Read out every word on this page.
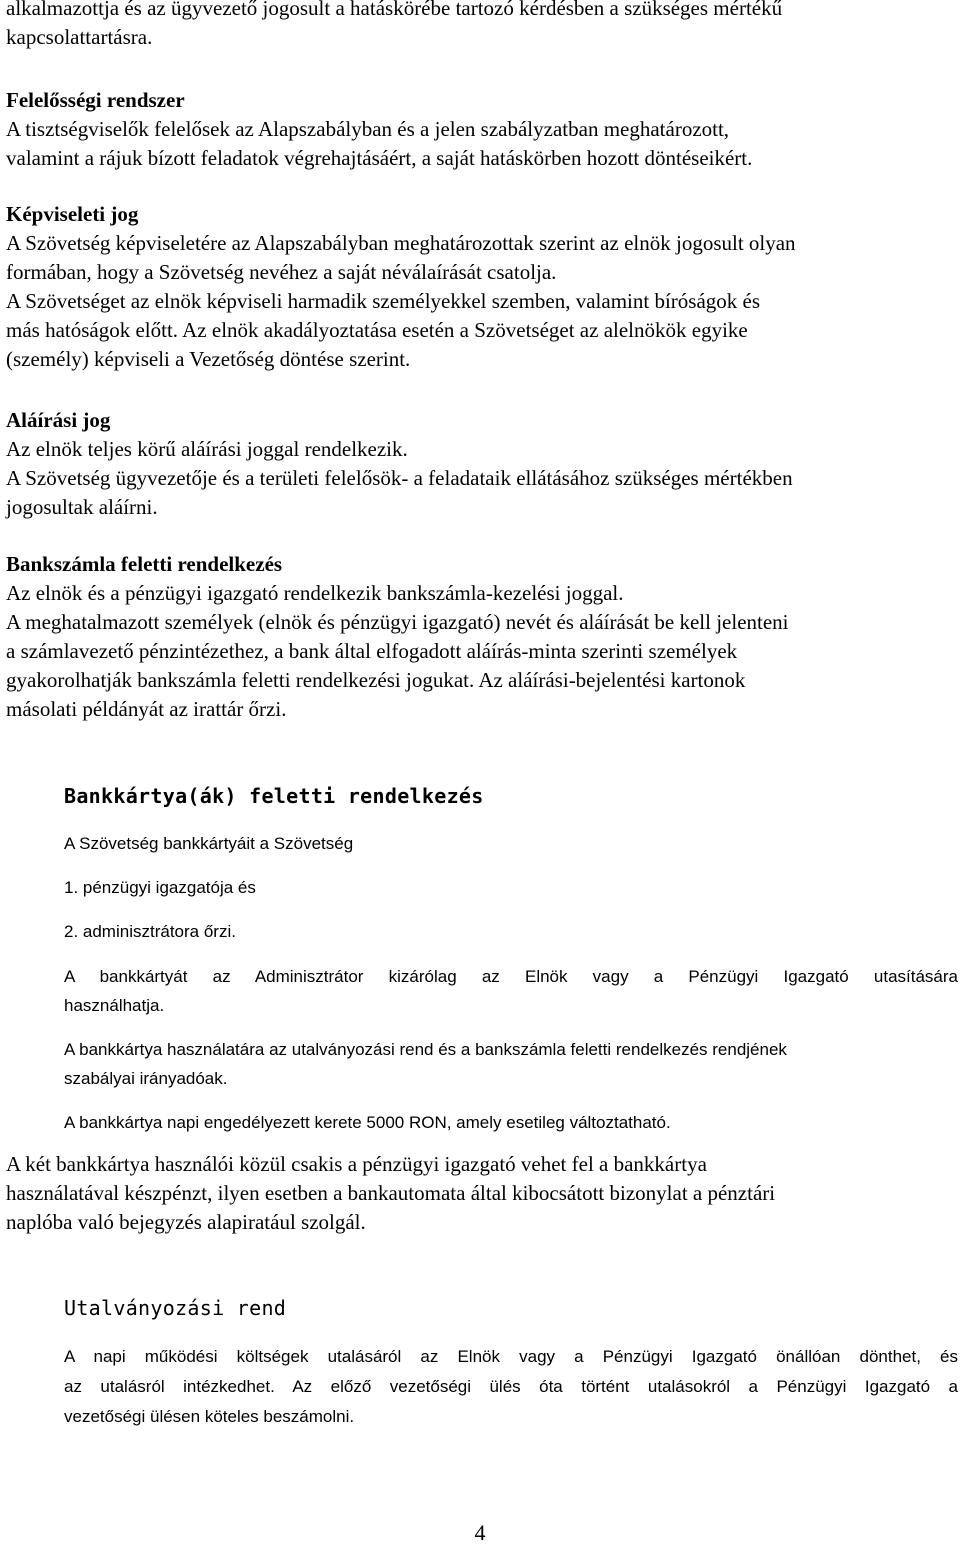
alkalmazottja és az ügyvezető jogosult a hatáskörébe tartozó kérdésben a szükséges mértékű

kapcsolattartásra.

Felelősségi rendszer

A tisztségviselők felelősek az Alapszabályban és a jelen szabályzatban meghatározott,

valamint a rájuk bízott feladatok végrehajtásáért, a saját hatáskörben hozott döntéseikért.

Képviseleti jog

A Szövetség képviseletére az Alapszabályban meghatározottak szerint az elnök jogosult olyan

formában, hogy a Szövetség nevéhez a saját néválaírását csatolja.

A Szövetséget az elnök képviseli harmadik személyekkel szemben, valamint bíróságok és

más hatóságok előtt. Az elnök akadályoztatása esetén a Szövetséget az alelnökök egyike

(személy) képviseli a Vezetőség döntése szerint.

Aláírási jog

Az elnök teljes körű aláírási joggal rendelkezik.

A Szövetség ügyvezetője és a területi felelősök- a feladataik ellátásához szükséges mértékben

jogosultak aláírni.

Bankszámla feletti rendelkezés

Az elnök és a pénzügyi igazgató rendelkezik bankszámla-kezelési joggal.

A meghatalmazott személyek (elnök és pénzügyi igazgató) nevét és aláírását be kell jelenteni

a számlavezető pénzintézethez, a bank által elfogadott aláírás-minta szerinti személyek

gyakorolhatják bankszámla feletti rendelkezési jogukat. Az aláírási-bejelentési kartonok

másolati példányát az irattár őrzi.

Bankkártya(ák) feletti rendelkezés
A Szövetség bankkártyáit a Szövetség
1. pénzügyi igazgatója és
2. adminisztrátora őrzi.

A bankkártyát az Adminisztrátor kizárólag az Elnök vagy a Pénzügyi Igazgató utasítására

használhatja.

A bankkártya használatára az utalványozási rend és a bankszámla feletti rendelkezés rendjének

szabályai irányadóak.

A bankkártya napi engedélyezett kerete 5000 RON, amely esetileg változtatható.

A két bankkártya használói közül csakis a pénzügyi igazgató vehet fel a bankkártya

használatával készpénzt, ilyen esetben a bankautomata által kibocsátott bizonylat a pénztári

naplóba való bejegyzés alapiratául szolgál.

Utalványozási rend

A napi működési költségek utalásáról az Elnök vagy a Pénzügyi Igazgató önállóan dönthet, és

az utalásról intézkedhet. Az előző vezetőségi ülés óta történt utalásokról a Pénzügyi Igazgató a

vezetőségi ülésen köteles beszámolni.

4
